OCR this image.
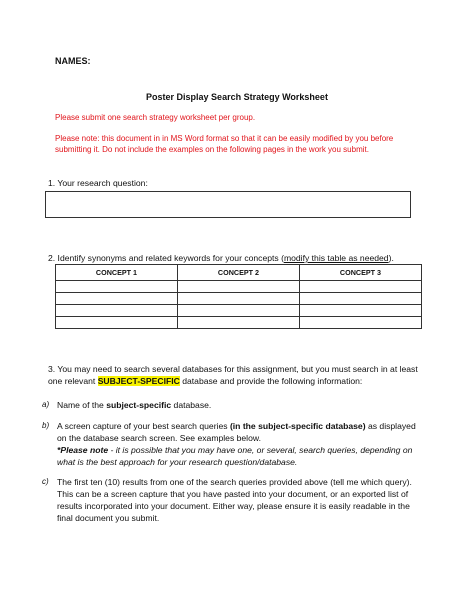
NAMES:
Poster Display Search Strategy Worksheet
Please submit one search strategy worksheet per group.
Please note: this document in in MS Word format so that it can be easily modified by you before submitting it. Do not include the examples on the following pages in the work you submit.
1. Your research question:
2. Identify synonyms and related keywords for your concepts (modify this table as needed).
CONCEPT 1	CONCEPT 2	CONCEPT 3

3. You may need to search several databases for this assignment, but you must search in at least one relevant SUBJECT-SPECIFIC database and provide the following information:
a) Name of the subject-specific database.
b) A screen capture of your best search queries (in the subject-specific database) as displayed on the database search screen. See examples below.
*Please note - it is possible that you may have one, or several, search queries, depending on what is the best approach for your research question/database.
c) The first ten (10) results from one of the search queries provided above (tell me which query). This can be a screen capture that you have pasted into your document, or an exported list of results incorporated into your document. Either way, please ensure it is easily readable in the final document you submit.
